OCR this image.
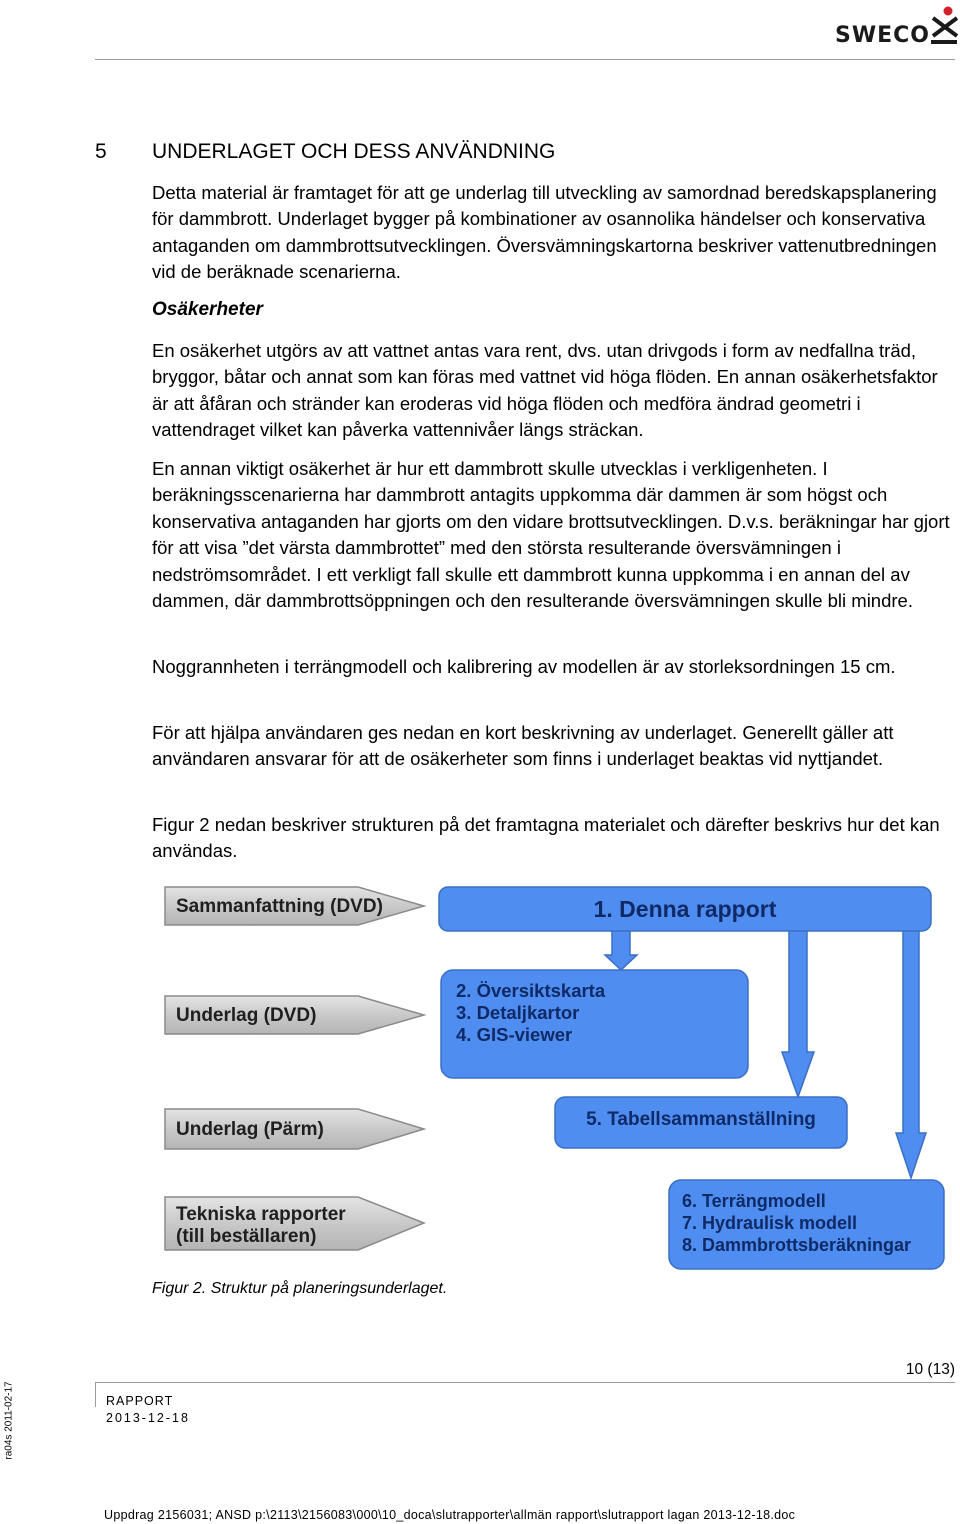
SWECO
5 UNDERLAGET OCH DESS ANVÄNDNING

Detta material är framtaget för att ge underlag till utveckling av samordnad beredskapsplanering för dammbrott. Underlaget bygger på kombinationer av osannolika händelser och konservativa antaganden om dammbrottsutvecklingen. Översvämningskartorna beskriver vattenutbredningen vid de beräknade scenarierna.

Osäkerheter

En osäkerhet utgörs av att vattnet antas vara rent, dvs. utan drivgods i form av nedfallna träd, bryggor, båtar och annat som kan föras med vattnet vid höga flöden. En annan osäkerhetsfaktor är att åfåran och stränder kan eroderas vid höga flöden och medföra ändrad geometri i vattendraget vilket kan påverka vattennivåer längs sträckan.

En annan viktigt osäkerhet är hur ett dammbrott skulle utvecklas i verkligenheten. I beräkningsscenarierna har dammbrott antagits uppkomma där dammen är som högst och konservativa antaganden har gjorts om den vidare brottsutvecklingen. D.v.s. beräkningar har gjort för att visa ”det värsta dammbrottet” med den största resulterande översvämningen i nedströmsområdet. I ett verkligt fall skulle ett dammbrott kunna uppkomma i en annan del av dammen, där dammbrottsöppningen och den resulterande översvämningen skulle bli mindre.

Noggrannheten i terrängmodell och kalibrering av modellen är av storleksordningen 15 cm.

För att hjälpa användaren ges nedan en kort beskrivning av underlaget. Generellt gäller att användaren ansvarar för att de osäkerheter som finns i underlaget beaktas vid nyttjandet.

Figur 2 nedan beskriver strukturen på det framtagna materialet och därefter beskrivs hur det kan användas.

Sammanfattning (DVD)
Underlag (DVD)
Underlag (Pärm)
Tekniska rapporter
(till beställaren)
1. Denna rapport
2. Översiktskarta
3. Detaljkartor
4. GIS-viewer
5. Tabellsammanställning
6. Terrängmodell
7. Hydraulisk modell
8. Dammbrottsberäkningar
Figur 2. Struktur på planeringsunderlaget.
10 (13)
RAPPORT
2013-12-18
ra04s 2011-02-17
Uppdrag 2156031; ANSD p:\2113\2156083\000\10_doca\slutrapporter\allmän rapport\slutrapport lagan 2013-12-18.doc
